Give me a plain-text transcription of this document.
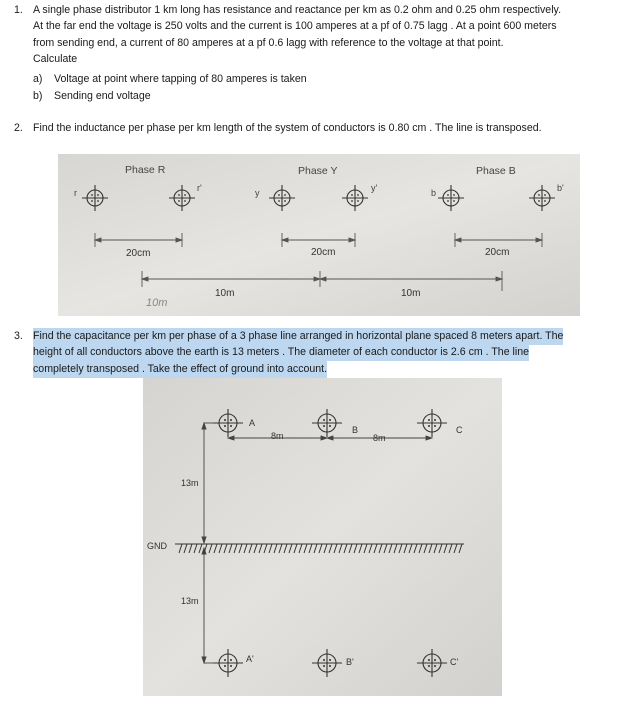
1. A single phase distributor 1 km long has resistance and reactance per km as 0.2 ohm and 0.25 ohm respectively.
At the far end the voltage is 250 volts and the current is 100 amperes at a pf of 0.75 lagg . At a point 600 meters
from sending end, a current of 80 amperes at a pf 0.6 lagg with reference to the voltage at that point.
Calculate
a) Voltage at point where tapping of 80 amperes is taken
b) Sending end voltage
2. Find the inductance per phase per km length of the system of conductors is 0.80 cm . The line is transposed.
Phase R	Phase Y	Phase B
r	r'	y	y'	b	b'
20cm	20cm	20cm
10m	10m
10m
3. Find the capacitance per km per phase of a 3 phase line arranged in horizontal plane spaced 8 meters apart. The
height of all conductors above the earth is 13 meters . The diameter of each conductor is 2.6 cm . The line
completely transposed . Take the effect of ground into account.
A
B	C
8m	8m
13m
13m
GND
A'	B'	C'
